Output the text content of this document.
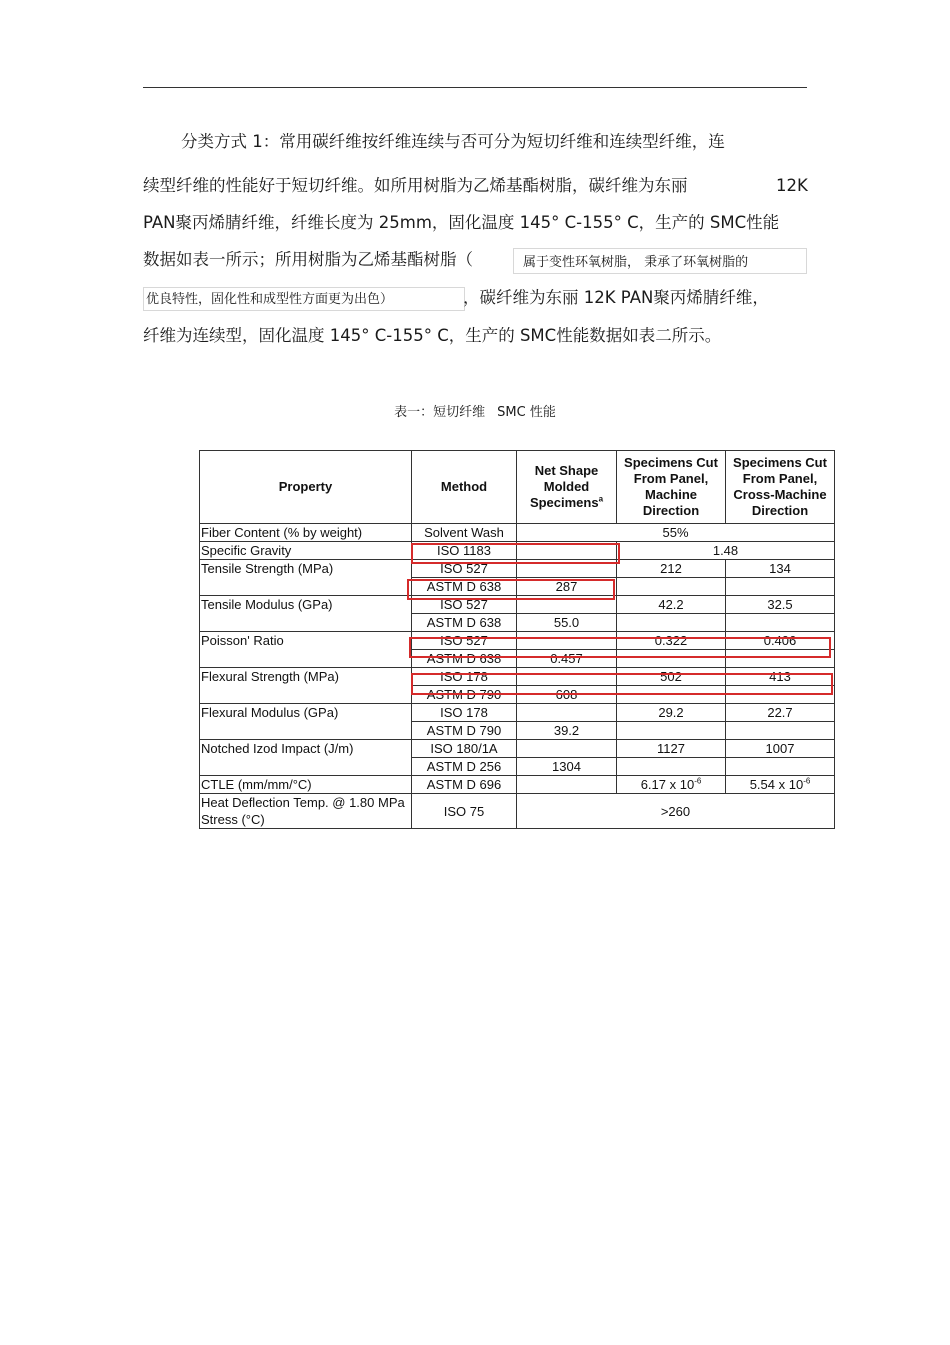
分类方式 1：常用碳纤维按纤维连续与否可分为短切纤维和连续型纤维，连
续型纤维的性能好于短切纤维。如所用树脂为乙烯基酯树脂，碳纤维为东丽	12K
PAN聚丙烯腈纤维，纤维长度为 25mm，固化温度 145° C-155° C，生产的 SMC性能
数据如表一所示；所用树脂为乙烯基酯树脂（	属于变性环氧树脂， 秉承了环氧树脂的
优良特性，固化性和成型性方面更为出色）	，碳纤维为东丽 12K PAN聚丙烯腈纤维，
纤维为连续型，固化温度 145° C-155° C，生产的 SMC性能数据如表二所示。
表一：短切纤维 SMC 性能
Property	Method	Net Shape Molded Specimens$^a$	Specimens Cut From Panel, Machine Direction	Specimens Cut From Panel, Cross-Machine Direction
Fiber Content (% by weight)	Solvent Wash	55%		
Specific Gravity	ISO 1183		1.48	
Tensile Strength (MPa)	ISO 527		212	134
	ASTM D 638	287		
Tensile Modulus (GPa)	ISO 527		42.2	32.5
	ASTM D 638	55.0		
Poisson' Ratio	ISO 527		0.322	0.406
	ASTM D 638	0.457		
Flexural Strength (MPa)	ISO 178		502	413
	ASTM D 790	608		
Flexural Modulus (GPa)	ISO 178		29.2	22.7
	ASTM D 790	39.2		
Notched Izod Impact (J/m)	ISO 180/1A		1127	1007
	ASTM D 256	1304		
CTLE (mm/mm/°C)	ASTM D 696		6.17 x $10^{-6}$	5.54 x $10^{-6}$
Heat Deflection Temp. @ 1.80 MPa Stress (°C)	ISO 75	>260		
